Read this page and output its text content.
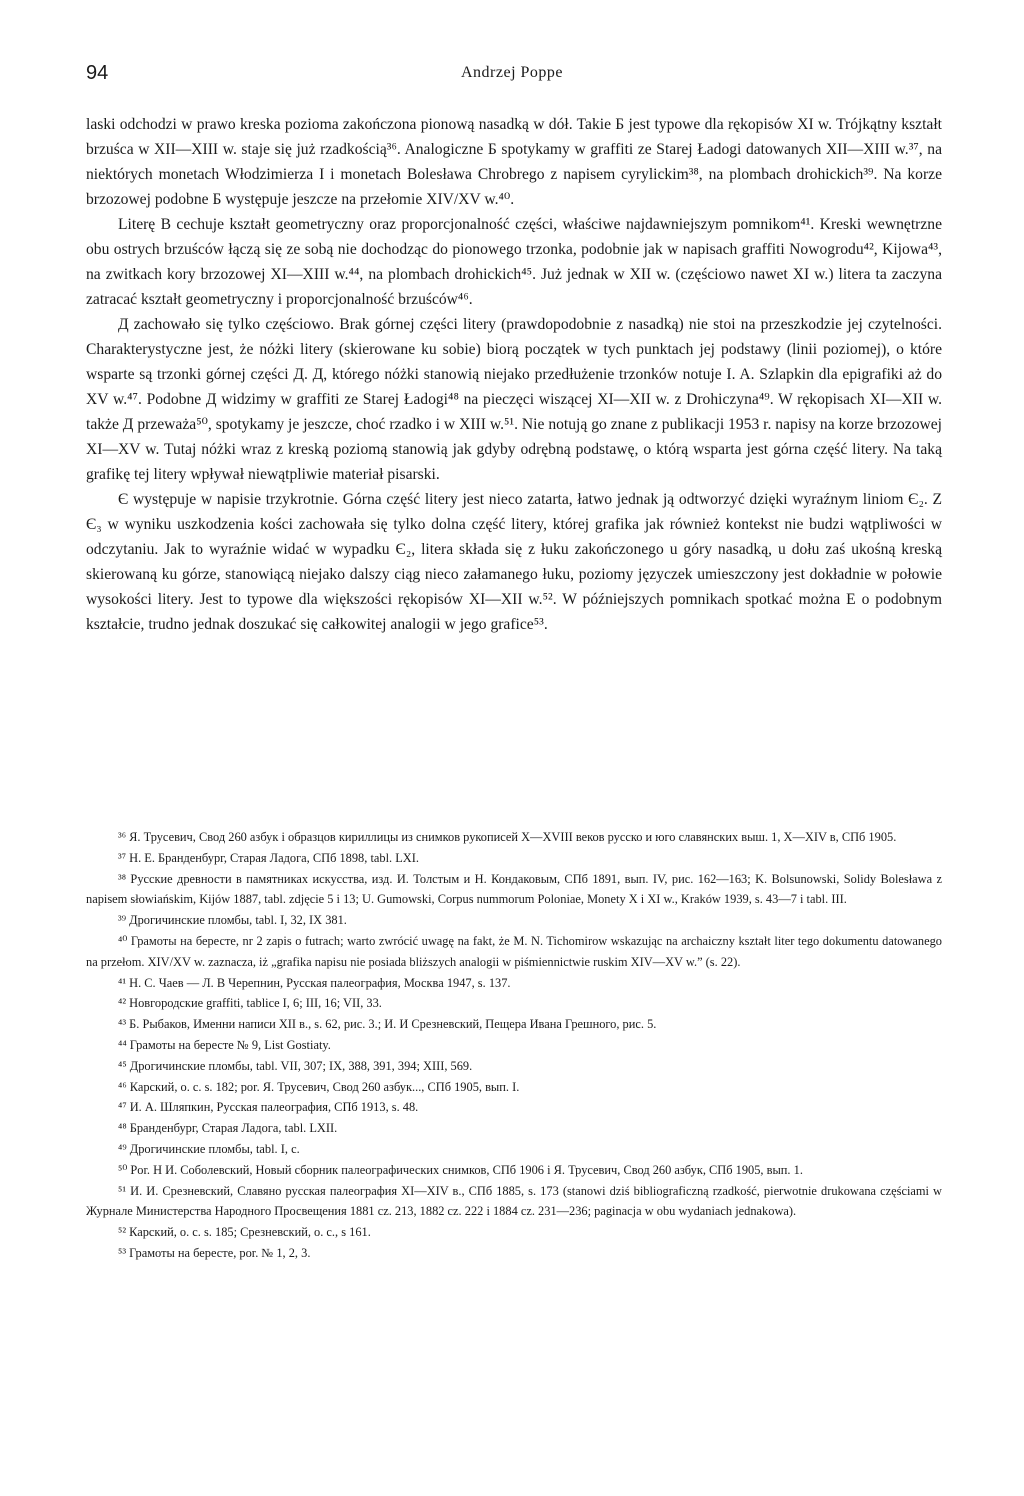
94	Andrzej Poppe

laski odchodzi w prawo kreska pozioma zakończona pionową nasadką w dół. Takie Б jest typowe dla rękopisów XI w. Trójkątny kształt brzuśca w XII—XIII w. staje się już rzadkością³⁶. Analogiczne Б spotykamy w graffiti ze Starej Ładogi datowanych XII—XIII w.³⁷, na niektórych monetach Włodzimierza I i monetach Bolesława Chrobrego z napisem cyrylickim³⁸, na plombach drohickich³⁹. Na korze brzozowej podobne Б występuje jeszcze na przełomie XIV/XV w.⁴⁰.

Literę В cechuje kształt geometryczny oraz proporcjonalność części, właściwe najdawniejszym pomnikom⁴¹. Kreski wewnętrzne obu ostrych brzuśców łączą się ze sobą nie dochodząc do pionowego trzonka, podobnie jak w napisach graffiti Nowogrodu⁴², Kijowa⁴³, na zwitkach kory brzozowej XI—XIII w.⁴⁴, na plombach drohickich⁴⁵. Już jednak w XII w. (częściowo nawet XI w.) litera ta zaczyna zatracać kształt geometryczny i proporcjonalność brzuśców⁴⁶.

Д zachowało się tylko częściowo. Brak górnej części litery (prawdopodobnie z nasadką) nie stoi na przeszkodzie jej czytelności. Charakterystyczne jest, że nóżki litery (skierowane ku sobie) biorą początek w tych punktach jej podstawy (linii poziomej), o które wsparte są trzonki górnej części Д. Д, którego nóżki stanowią niejako przedłużenie trzonków notuje I. A. Szlapkin dla epigrafiki aż do XV w.⁴⁷. Podobne Д widzimy w graffiti ze Starej Ładogi⁴⁸ na pieczęci wiszącej XI—XII w. z Drohiczyna⁴⁹. W rękopisach XI—XII w. także Д przeważa⁵⁰, spotykamy je jeszcze, choć rzadko i w XIII w.⁵¹. Nie notują go znane z publikacji 1953 r. napisy na korze brzozowej XI—XV w. Tutaj nóżki wraz z kreską poziomą stanowią jak gdyby odrębną podstawę, o którą wsparta jest górna część litery. Na taką grafikę tej litery wpływał niewątpliwie materiał pisarski.

Є występuje w napisie trzykrotnie. Górna część litery jest nieco zatarta, łatwo jednak ją odtworzyć dzięki wyraźnym liniom Є₂. Z Є₃ w wyniku uszkodzenia kości zachowała się tylko dolna część litery, której grafika jak również kontekst nie budzi wątpliwości w odczytaniu. Jak to wyraźnie widać w wypadku Є₂, litera składa się z łuku zakończonego u góry nasadką, u dołu zaś ukośną kreską skierowaną ku górze, stanowiącą niejako dalszy ciąg nieco załamanego łuku, poziomy języczek umieszczony jest dokładnie w połowie wysokości litery. Jest to typowe dla większości rękopisów XI—XII w.⁵². W późniejszych pomnikach spotkać można E o podobnym kształcie, trudno jednak doszukać się całkowitej analogii w jego grafice⁵³.

³⁶ Я. Трусевич, Свод 260 азбук і образцов кириллицы из снимков рукописей X—XVIII веков русско и юго славянских выш. 1, X—XIV в, СПб 1905.

³⁷ Н. Е. Бранденбург, Старая Ладога, СПб 1898, tabl. LXI.

³⁸ Русские древности в памятниках искусства, изд. И. Толстым и Н. Кондаковым, СПб 1891, вып. IV, рис. 162—163; K. Bolsunowski, Solidy Bolesława z napisem słowiańskim, Kijów 1887, tabl. zdjęcie 5 i 13; U. Gumowski, Corpus nummorum Poloniae, Monety X i XI w., Kraków 1939, s. 43—7 i tabl. III.

³⁹ Дрогичинские пломбы, tabl. I, 32, IX 381.

⁴⁰ Грамоты на бересте, nr 2 zapis o futrach; warto zwrócić uwagę na fakt, że M. N. Tichomirow wskazując na archaiczny kształt liter tego dokumentu datowanego na przełom. XIV/XV w. zaznacza, iż „grafika napisu nie posiada bliższych analogii w piśmiennictwie ruskim XIV—XV w.” (s. 22).

⁴¹ Н. С. Чаев — Л. В Черепнин, Русская палеография, Москва 1947, s. 137.

⁴² Новгородские graffiti, tablice I, 6; III, 16; VII, 33.

⁴³ Б. Рыбаков, Именни написи XII в., s. 62, рис. 3.; И. И Срезневский, Пещера Ивана Грешного, рис. 5.

⁴⁴ Грамоты на бересте № 9, List Gostiaty.

⁴⁵ Дрогичинские пломбы, tabl. VII, 307; IX, 388, 391, 394; XIII, 569.

⁴⁶ Карский, о. с. s. 182; por. Я. Трусевич, Свод 260 азбук..., СПб 1905, вып. I.

⁴⁷ И. А. Шляпкин, Русская палеография, СПб 1913, s. 48.

⁴⁸ Бранденбург, Старая Ладога, tabl. LXII.

⁴⁹ Дрогичинские пломбы, tabl. I, c.

⁵⁰ Por. Н И. Соболевский, Новый сборник палеографических снимков, СПб 1906 i Я. Трусевич, Свод 260 азбук, СПб 1905, вып. 1.

⁵¹ И. И. Срезневский, Славяно русская палеография XI—XIV в., СПб 1885, s. 173 (stanowi dziś bibliograficzną rzadkość, pierwotnie drukowana częściami w Журнале Министерства Народного Просвещения 1881 cz. 213, 1882 cz. 222 i 1884 cz. 231—236; paginacja w obu wydaniach jednakowa).

⁵² Карский, о. с. s. 185; Срезневский, о. с., s 161.

⁵³ Грамоты на бересте, por. № 1, 2, 3.
